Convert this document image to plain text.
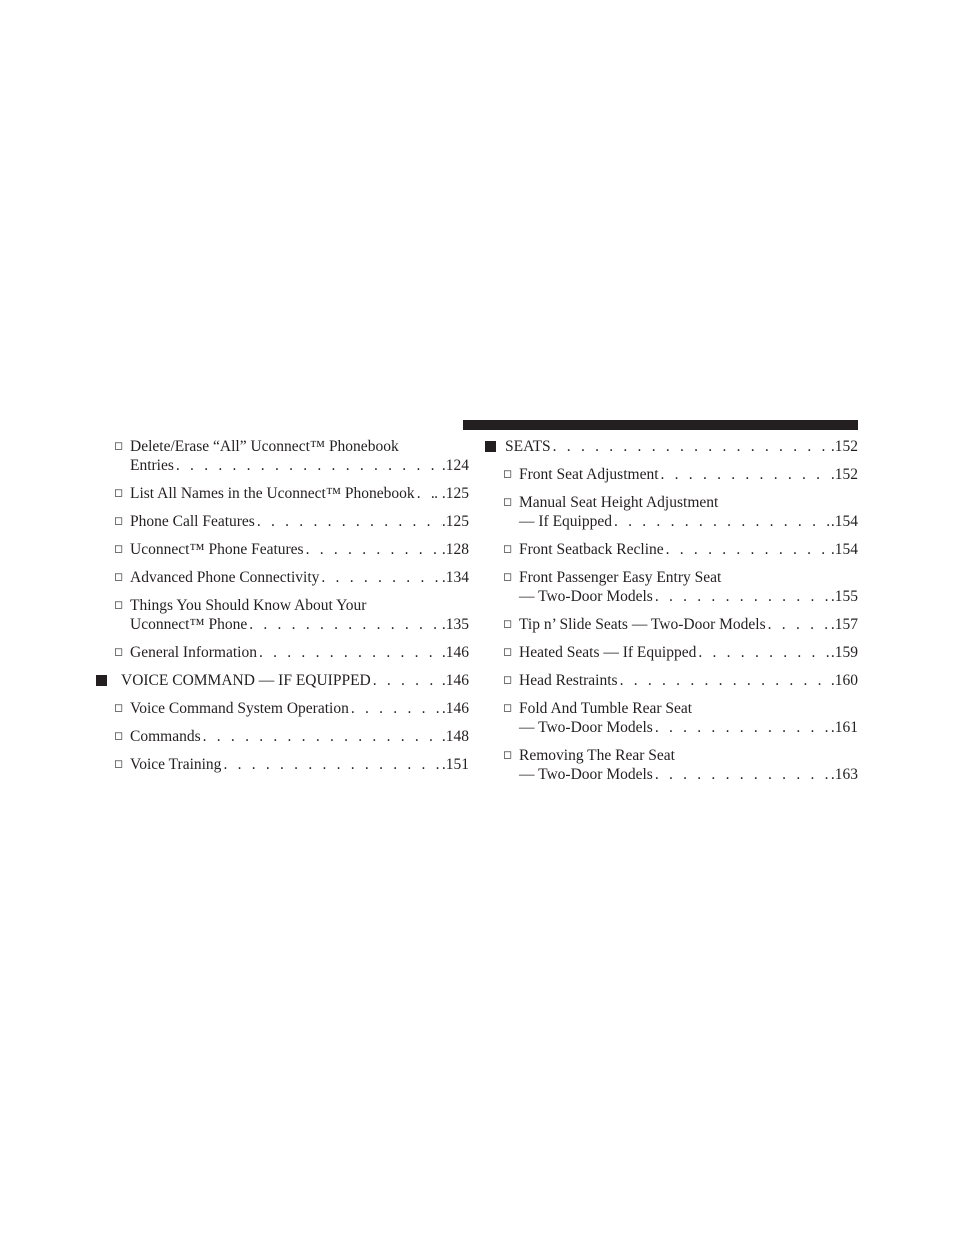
◻ Delete/Erase “All” Uconnect™ Phonebook
Entries . . .	.124
◻ List All Names in the Uconnect™ Phonebook . . . . .125
◻ Phone Call Features . . .	.125
◻ Uconnect™ Phone Features . . .	.128
◻ Advanced Phone Connectivity . . .	.134
◻ Things You Should Know About Your
Uconnect™ Phone . . .	.135
◻ General Information . . .	.146
VOICE COMMAND — IF EQUIPPED . . .	.146
◻ Voice Command System Operation . . .	.146
◻ Commands . . .	.148
◻ Voice Training . . .	.151
SEATS . . .	.152
◻ Front Seat Adjustment . . .	.152
◻ Manual Seat Height Adjustment
— If Equipped . . .	.154
◻ Front Seatback Recline . . .	.154
◻ Front Passenger Easy Entry Seat
— Two-Door Models . . .	.155
◻ Tip n’ Slide Seats — Two-Door Models . . .	.157
◻ Heated Seats — If Equipped . . .	.159
◻ Head Restraints . . .	.160
◻ Fold And Tumble Rear Seat
— Two-Door Models . . .	.161
◻ Removing The Rear Seat
— Two-Door Models . . .	.163
